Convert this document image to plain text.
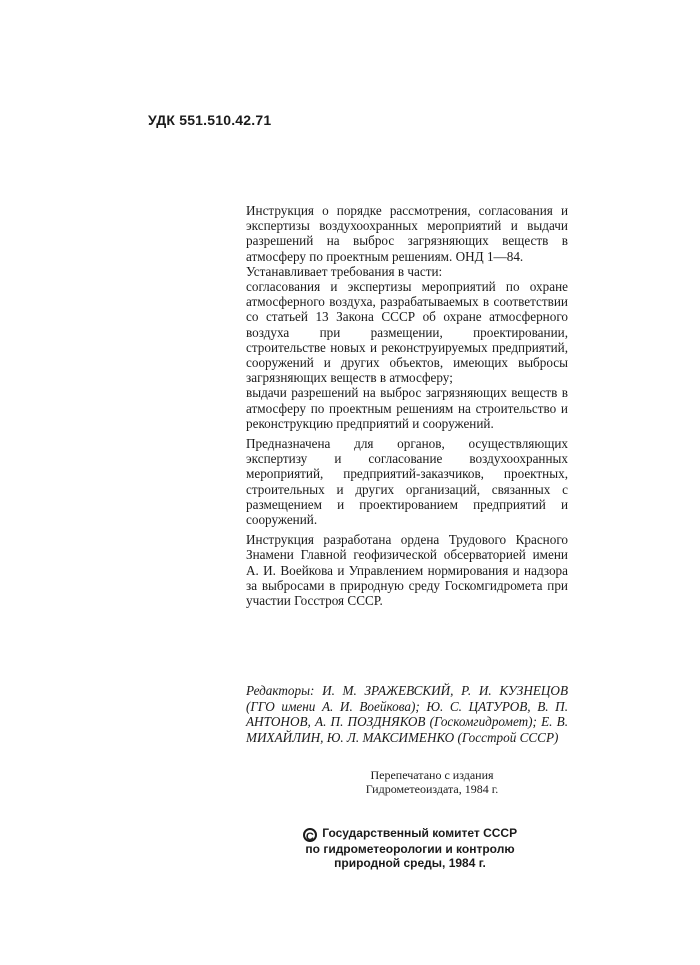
УДК 551.510.42.71

Инструкция о порядке рассмотрения, согласования и экспертизы воздухоохранных мероприятий и выдачи разрешений на выброс загрязняющих веществ в атмосферу по проектным решениям. ОНД 1—84.

Устанавливает требования в части:

согласования и экспертизы мероприятий по охране атмосферного воздуха, разрабатываемых в соответствии со статьей 13 Закона СССР об охране атмосферного воздуха при размещении, проектировании, строительстве новых и реконструируемых предприятий, сооружений и других объектов, имеющих выбросы загрязняющих веществ в атмосферу;

выдачи разрешений на выброс загрязняющих веществ в атмосферу по проектным решениям на строительство и реконструкцию предприятий и сооружений.

Предназначена для органов, осуществляющих экспертизу и согласование воздухоохранных мероприятий, предприятий-заказчиков, проектных, строительных и других организаций, связанных с размещением и проектированием предприятий и сооружений.

Инструкция разработана ордена Трудового Красного Знамени Главной геофизической обсерваторией имени А. И. Воейкова и Управлением нормирования и надзора за выбросами в природную среду Госкомгидромета при участии Госстроя СССР.

Редакторы: И. М. ЗРАЖЕВСКИЙ, Р. И. КУЗНЕЦОВ (ГГО имени А. И. Воейкова); Ю. С. ЦАТУРОВ, В. П. АНТОНОВ, А. П. ПОЗДНЯКОВ (Госкомгидромет); Е. В. МИХАЙЛИН, Ю. Л. МАКСИМЕНКО (Госстрой СССР)
Перепечатано с издания
Гидрометеоиздата, 1984 г.
C Государственный комитет СССР
по гидрометеорологии и контролю
природной среды, 1984 г.
